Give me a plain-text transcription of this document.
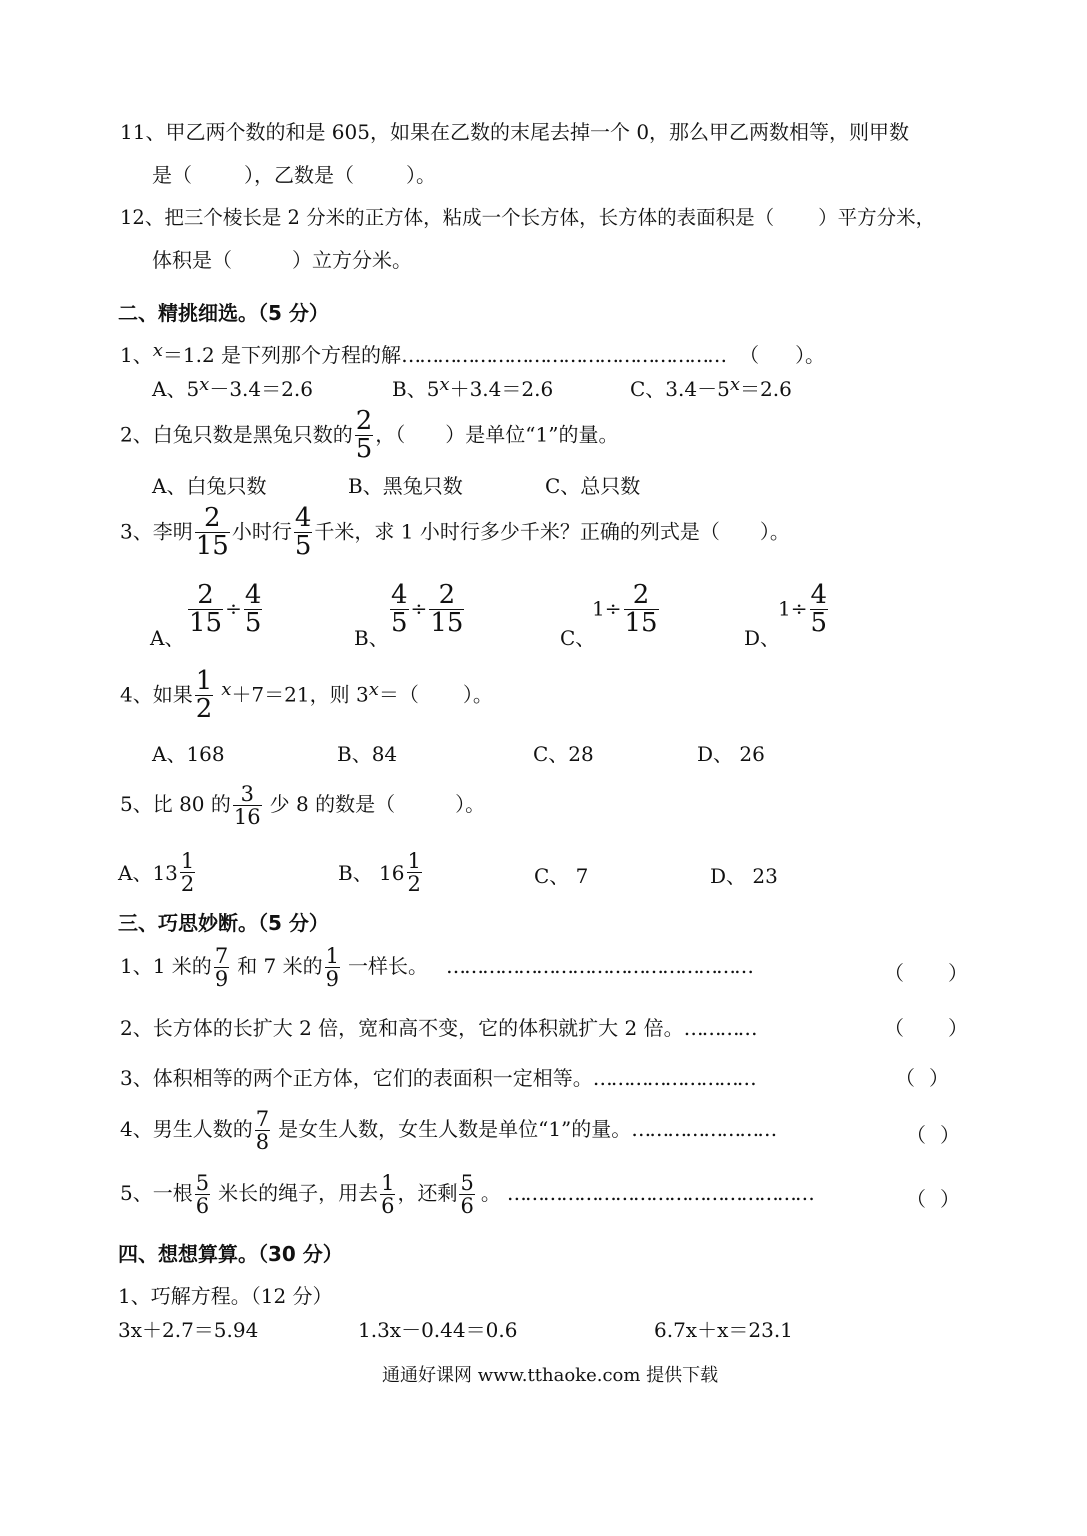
11、甲乙两个数的和是 605，如果在乙数的末尾去掉一个 0，那么甲乙两数相等，则甲数
是（	），乙数是（	）。
12、把三个棱长是 2 分米的正方体，粘成一个长方体，长方体的表面积是（ ）平方分米，
体积是（	）立方分米。
二、精挑细选。（5 分）
1、x＝1.2 是下列那个方程的解……………………………………………… （ ）。
A、5x－3.4＝2.6	B、5x＋3.4＝2.6	C、3.4－5x＝2.6
2、白兔只数是黑兔只数的 $\frac{2}{5}$ ，（ ）是单位“1”的量。
A、白兔只数	B、黑兔只数	C、总只数
3、李明 $\frac{2}{15}$ 小时行 $\frac{4}{5}$ 千米，求 1 小时行多少千米？正确的列式是（ ）。
A、
$\frac{2}{15} \div \frac{4}{5}$
B、
$\frac{4}{5} \div \frac{2}{15}$
C、
$1\div \frac{2}{15}$
D、
$1\div \frac{4}{5}$
4、如果 $\frac{1}{2} x+7=21$，则 3x＝（ ）。
A、168	B、84	C、28	D、 26
5、比 80 的 $\frac{3}{16}$ 少 8 的数是（	）。
A、$13 \frac{1}{2}$	B、 $16 \frac{1}{2}$	C、 7	D、 23
三、巧思妙断。（5 分）
1、1 米的 $\frac{7}{9}$ 和 7 米的 $\frac{1}{9}$ 一样长。 ……………………………………………	（ ）
2、长方体的长扩大 2 倍，宽和高不变，它的体积就扩大 2 倍。…………	（ ）
3、体积相等的两个正方体，它们的表面积一定相等。………………………	（ ）
4、男生人数的 $\frac{7}{8}$ 是女生人数，女生人数是单位“1”的量。……………………	（ ）
5、一根 $\frac{5}{6}$ 米长的绳子，用去 $\frac{1}{6}$ ，还剩 $\frac{5}{6}$ 。 ……………………………………………	（ ）
四、想想算算。（30 分）
1、巧解方程。（12 分）
3x＋2.7＝5.94	1.3x－0.44＝0.6	6.7x＋x＝23.1
通通好课网 www.tthaoke.com 提供下载
